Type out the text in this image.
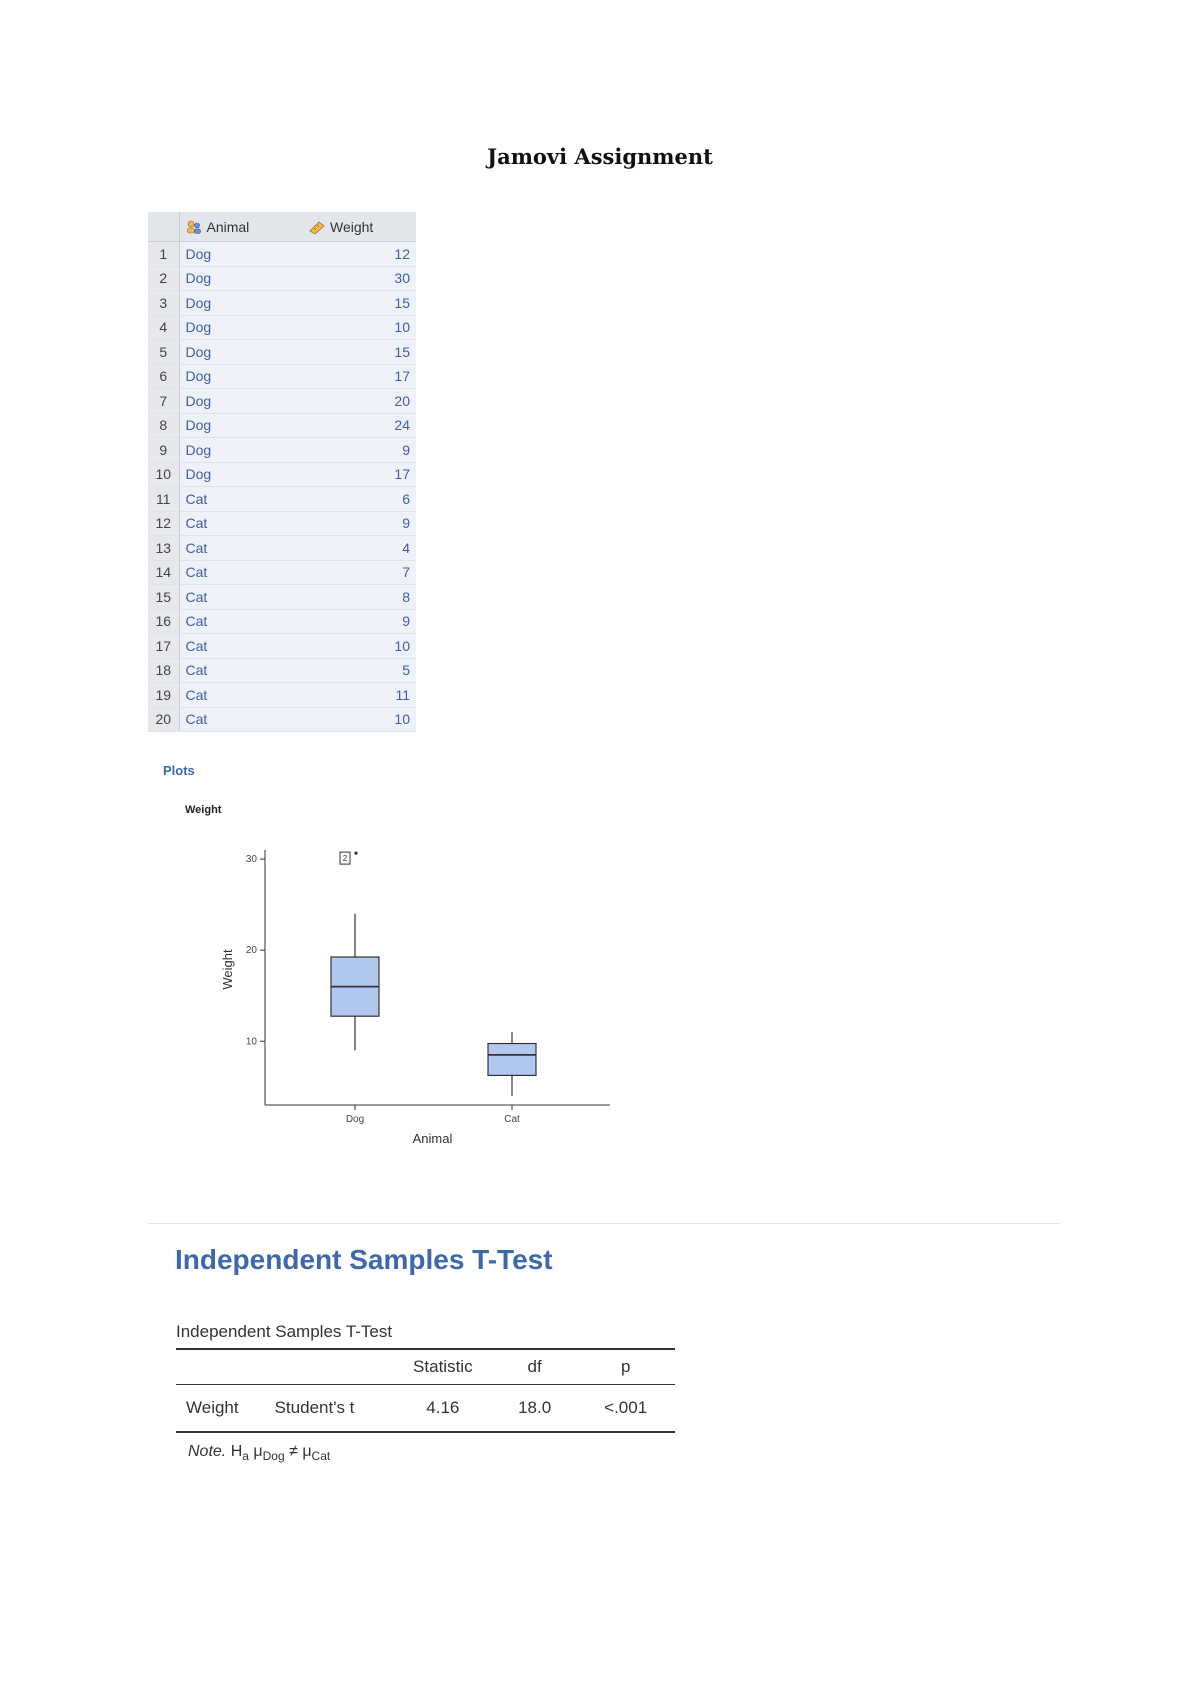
Jamovi Assignment
	Animal	Weight
1	Dog	12
2	Dog	30
3	Dog	15
4	Dog	10
5	Dog	15
6	Dog	17
7	Dog	20
8	Dog	24
9	Dog	9
10	Dog	17
11	Cat	6
12	Cat	9
13	Cat	4
14	Cat	7
15	Cat	8
16	Cat	9
17	Cat	10
18	Cat	5
19	Cat	11
20	Cat	10
Plots
Weight
10
20
30
Dog	Cat
Animal
Weight
2
Independent Samples T-Test
Independent Samples T-Test
		Statistic	df	p
Weight	Student's t	4.16	18.0	<.001
Note. $H_a$ $\mu_{Dog} \ne \mu_{Cat}$
